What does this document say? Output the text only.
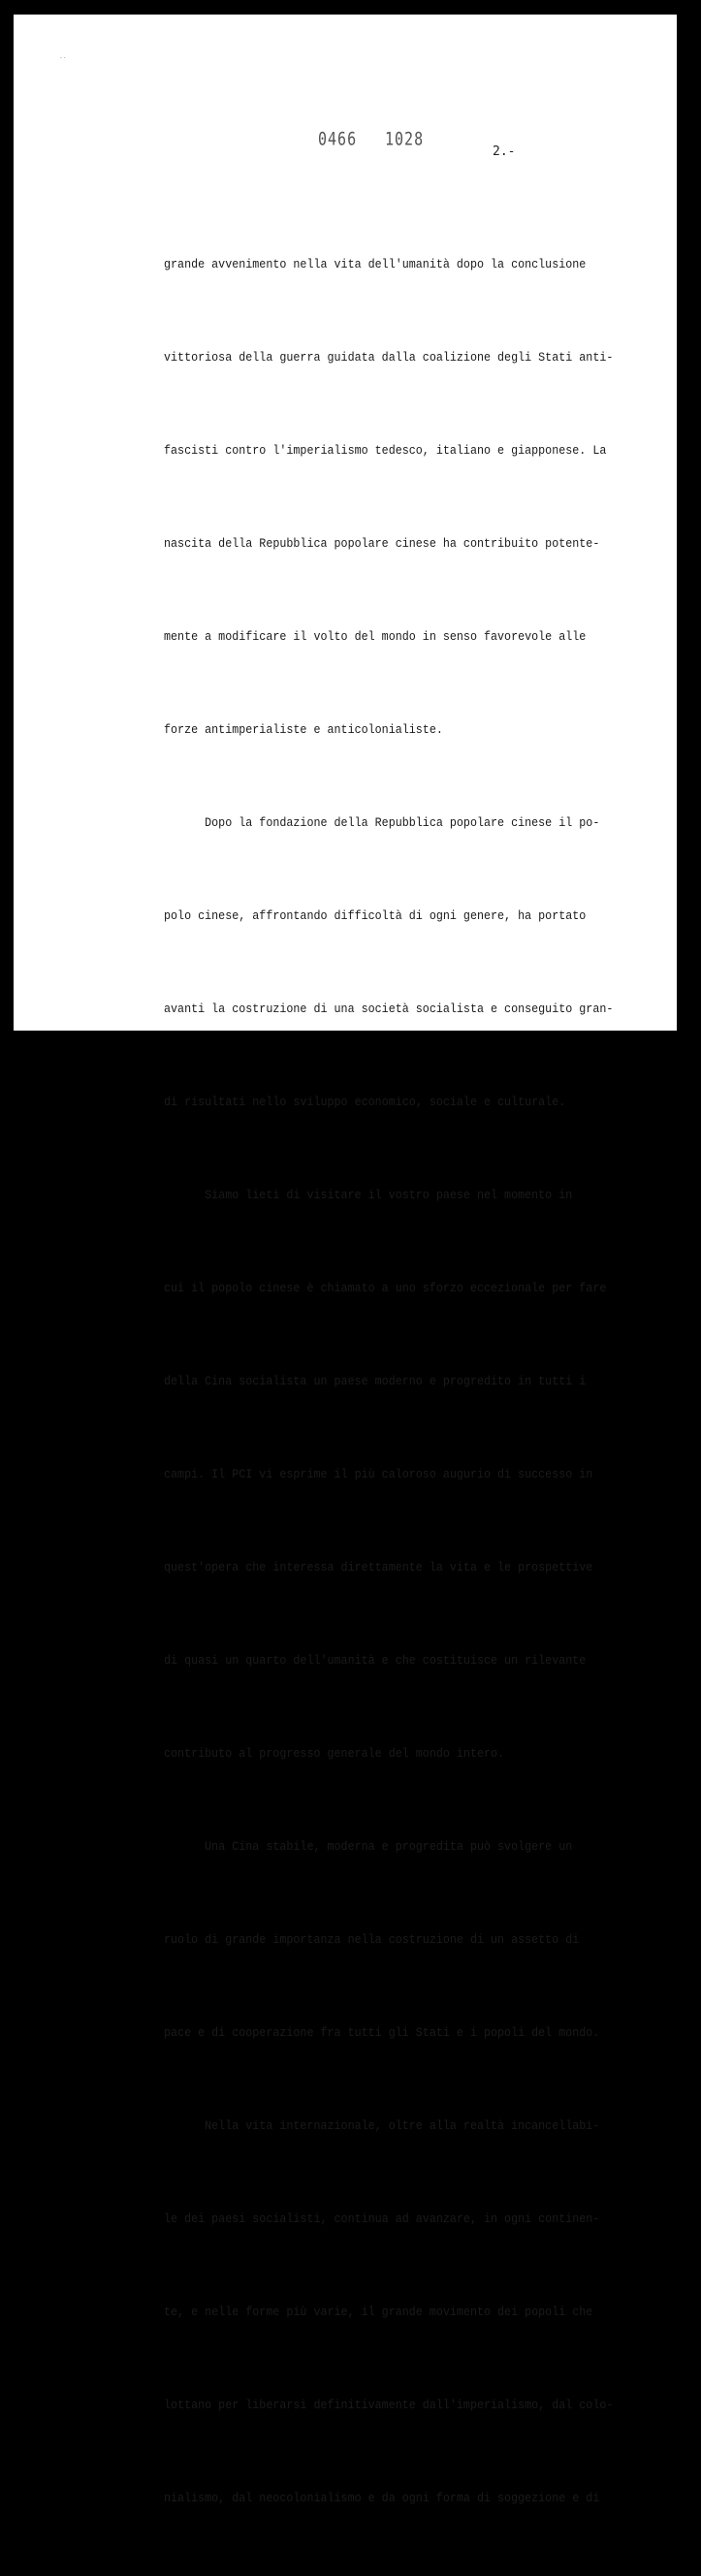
· ·
0466 1028
2.-

grande avvenimento nella vita dell'umanità dopo la conclusione

vittoriosa della guerra guidata dalla coalizione degli Stati anti-

fascisti contro l'imperialismo tedesco, italiano e giapponese. La

nascita della Repubblica popolare cinese ha contribuito potente-

mente a modificare il volto del mondo in senso favorevole alle

forze antimperialiste e anticolonialiste.

Dopo la fondazione della Repubblica popolare cinese il po-

polo cinese, affrontando difficoltà di ogni genere, ha portato

avanti la costruzione di una società socialista e conseguito gran-

di risultati nello sviluppo economico, sociale e culturale.

Siamo lieti di visitare il vostro paese nel momento in

cui il popolo cinese è chiamato a uno sforzo eccezionale per fare

della Cina socialista un paese moderno e progredito in tutti i

campi. Il PCI vi esprime il più caloroso augurio di successo in

quest'opera che interessa direttamente la vita e le prospettive

di quasi un quarto dell'umanità e che costituisce un rilevante

contributo al progresso generale del mondo intero.

Una Cina stabile, moderna e progredita può svolgere un

ruolo di grande importanza nella costruzione di un assetto di

pace e di cooperazione fra tutti gli Stati e i popoli del mondo.

Nella vita internazionale, oltre alla realtà incancellabi-

le dei paesi socialisti, continua ad avanzare, in ogni continen-

te, e nelle forme più varie, il grande movimento dei popoli che

lottano per liberarsi definitivamente dall'imperialismo, dal colo-

nialismo, dal neocolonialismo e da ogni forma di soggezione e di
